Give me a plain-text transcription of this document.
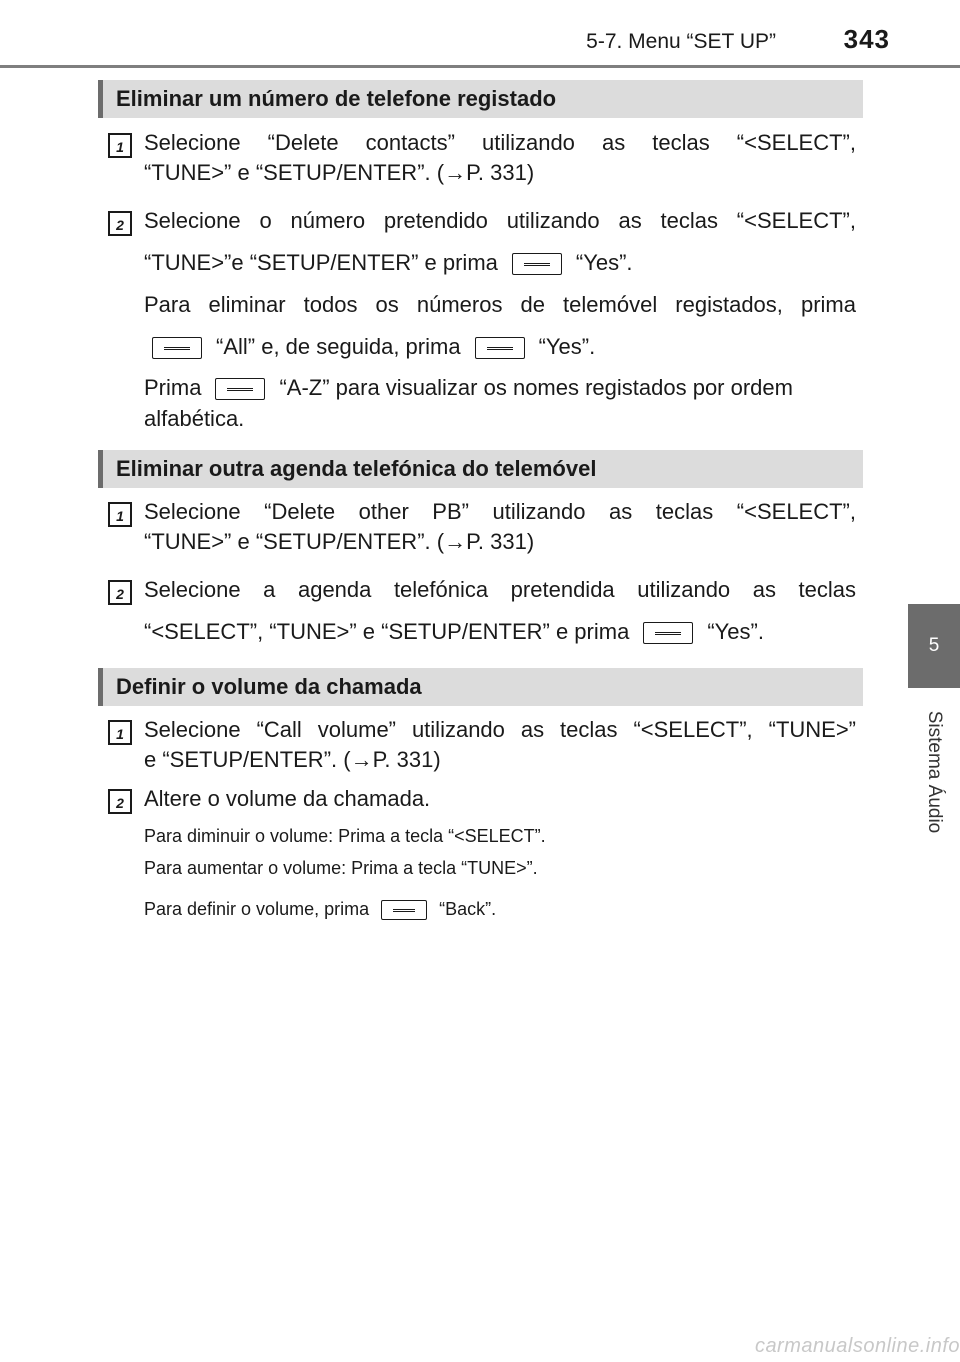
5-7. Menu “SET UP”	343
5
Sistema Áudio
Eliminar um número de telefone registado
1 Selecione “Delete contacts” utilizando as teclas “<SELECT”,
“TUNE>” e “SETUP/ENTER”. (→P. 331)
2 Selecione o número pretendido utilizando as teclas “<SELECT”,
“TUNE>”e “SETUP/ENTER” e prima	“Yes”.
Para eliminar todos os números de telemóvel registados, prima
“All” e, de seguida, prima	“Yes”.
Prima	“A-Z” para visualizar os nomes registados por ordem
alfabética.
Eliminar outra agenda telefónica do telemóvel
1 Selecione “Delete other PB” utilizando as teclas “<SELECT”,
“TUNE>” e “SETUP/ENTER”. (→P. 331)
2 Selecione a agenda telefónica pretendida utilizando as teclas
“<SELECT”, “TUNE>” e “SETUP/ENTER” e prima	“Yes”.
Definir o volume da chamada
1 Selecione “Call volume” utilizando as teclas “<SELECT”, “TUNE>”
e “SETUP/ENTER”. (→P. 331)
2 Altere o volume da chamada.
Para diminuir o volume: Prima a tecla “<SELECT”.
Para aumentar o volume: Prima a tecla “TUNE>”.
Para definir o volume, prima	“Back”.
carmanualsonline.info
